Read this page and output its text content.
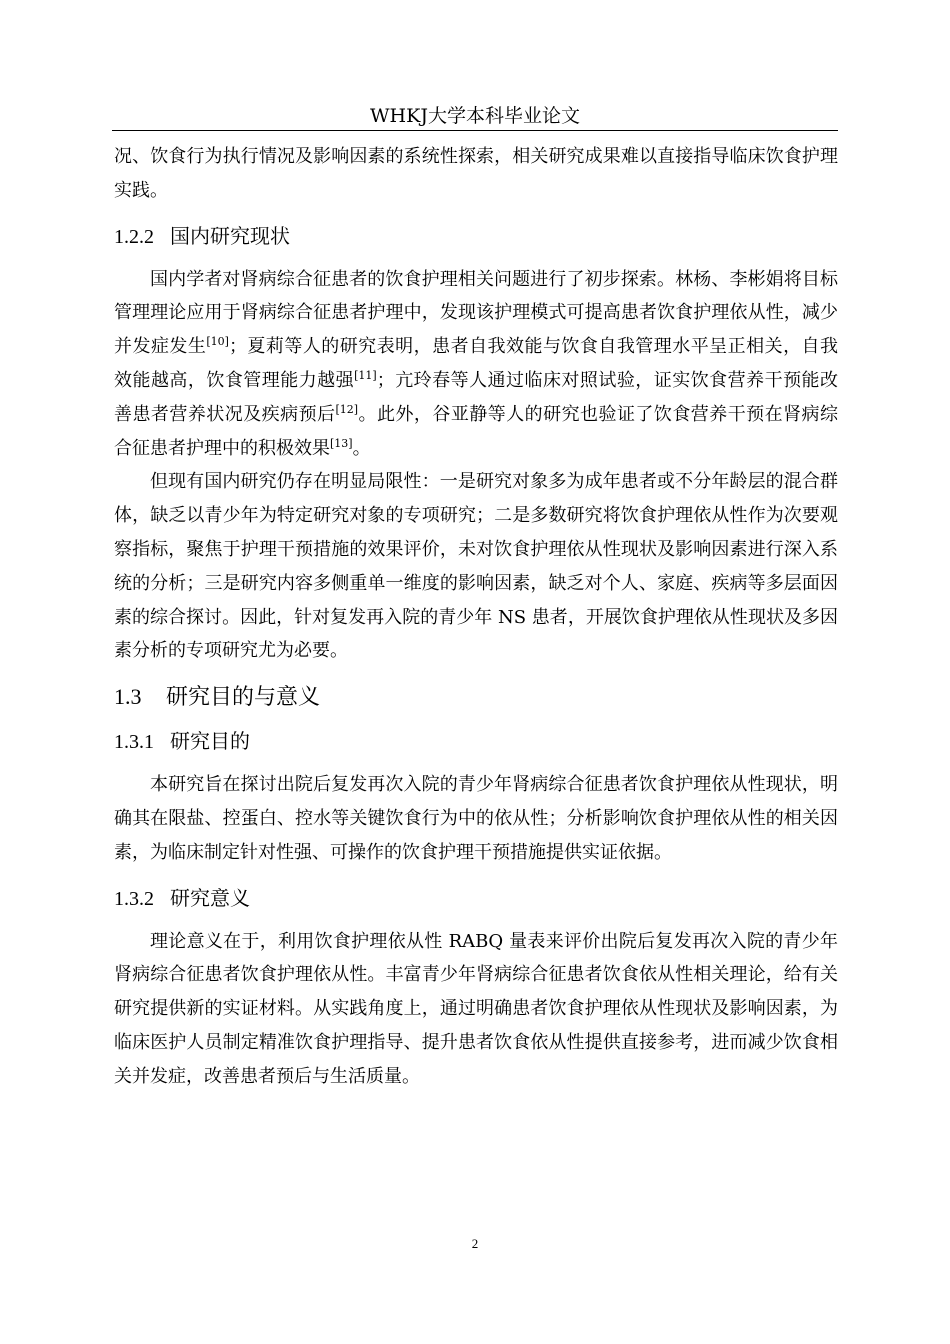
WHKJ大学本科毕业论文

况、饮食行为执行情况及影响因素的系统性探索，相关研究成果难以直接指导临床饮食护理实践。

1.2.2 国内研究现状

国内学者对肾病综合征患者的饮食护理相关问题进行了初步探索。林杨、李彬娟将目标管理理论应用于肾病综合征患者护理中，发现该护理模式可提高患者饮食护理依从性，减少并发症发生[10]；夏莉等人的研究表明，患者自我效能与饮食自我管理水平呈正相关，自我效能越高，饮食管理能力越强[11]；亢玲春等人通过临床对照试验，证实饮食营养干预能改善患者营养状况及疾病预后[12]。此外，谷亚静等人的研究也验证了饮食营养干预在肾病综合征患者护理中的积极效果[13]。

但现有国内研究仍存在明显局限性：一是研究对象多为成年患者或不分年龄层的混合群体，缺乏以青少年为特定研究对象的专项研究；二是多数研究将饮食护理依从性作为次要观察指标，聚焦于护理干预措施的效果评价，未对饮食护理依从性现状及影响因素进行深入系统的分析；三是研究内容多侧重单一维度的影响因素，缺乏对个人、家庭、疾病等多层面因素的综合探讨。因此，针对复发再入院的青少年 NS 患者，开展饮食护理依从性现状及多因素分析的专项研究尤为必要。

1.3 研究目的与意义
1.3.1 研究目的

本研究旨在探讨出院后复发再次入院的青少年肾病综合征患者饮食护理依从性现状，明确其在限盐、控蛋白、控水等关键饮食行为中的依从性；分析影响饮食护理依从性的相关因素，为临床制定针对性强、可操作的饮食护理干预措施提供实证依据。

1.3.2 研究意义

理论意义在于，利用饮食护理依从性 RABQ 量表来评价出院后复发再次入院的青少年肾病综合征患者饮食护理依从性。丰富青少年肾病综合征患者饮食依从性相关理论，给有关研究提供新的实证材料。从实践角度上，通过明确患者饮食护理依从性现状及影响因素，为临床医护人员制定精准饮食护理指导、提升患者饮食依从性提供直接参考，进而减少饮食相关并发症，改善患者预后与生活质量。

2
